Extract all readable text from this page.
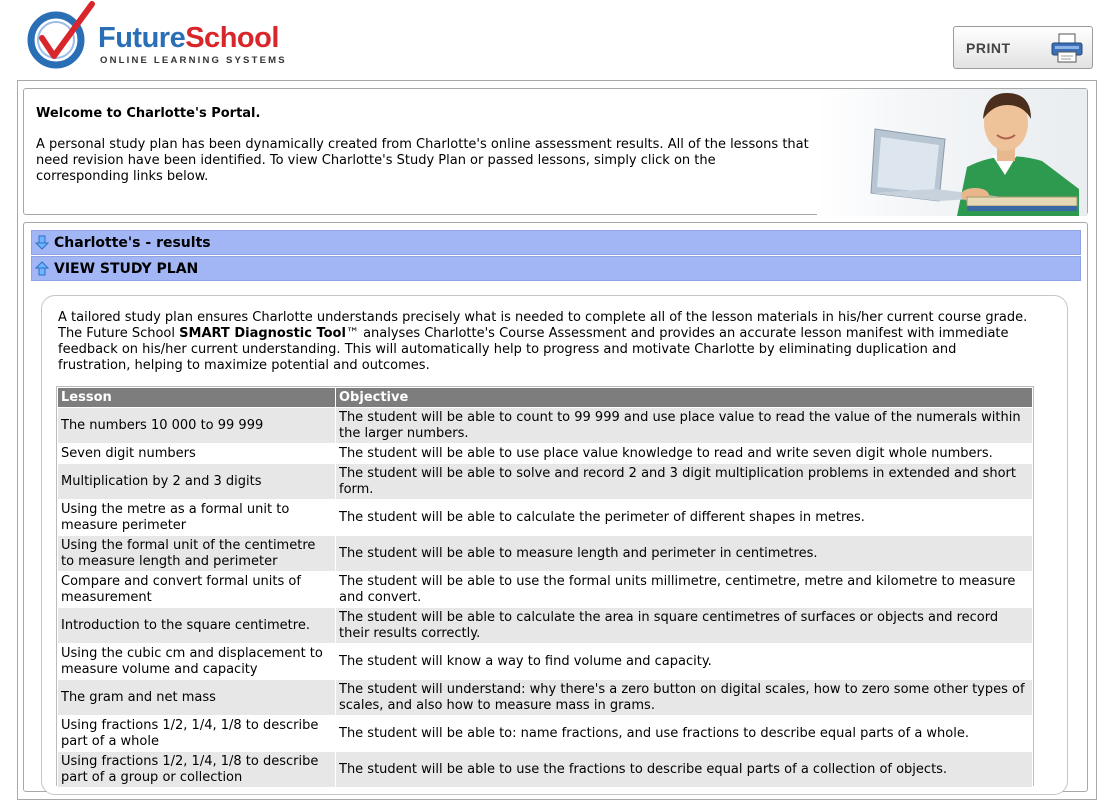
FutureSchool
ONLINE LEARNING SYSTEMS
PRINT
Welcome to Charlotte's Portal.
A personal study plan has been dynamically created from Charlotte's online assessment results. All of the lessons that need revision have been identified. To view Charlotte's Study Plan or passed lessons, simply click on the corresponding links below.
Charlotte's - results
VIEW STUDY PLAN
A tailored study plan ensures Charlotte understands precisely what is needed to complete all of the lesson materials in his/her current course grade. The Future School SMART Diagnostic Tool™ analyses Charlotte's Course Assessment and provides an accurate lesson manifest with immediate feedback on his/her current understanding. This will automatically help to progress and motivate Charlotte by eliminating duplication and frustration, helping to maximize potential and outcomes.
Lesson	Objective
The numbers 10 000 to 99 999	The student will be able to count to 99 999 and use place value to read the value of the numerals within the larger numbers.
Seven digit numbers	The student will be able to use place value knowledge to read and write seven digit whole numbers.
Multiplication by 2 and 3 digits	The student will be able to solve and record 2 and 3 digit multiplication problems in extended and short form.
Using the metre as a formal unit to measure perimeter	The student will be able to calculate the perimeter of different shapes in metres.
Using the formal unit of the centimetre to measure length and perimeter	The student will be able to measure length and perimeter in centimetres.
Compare and convert formal units of measurement	The student will be able to use the formal units millimetre, centimetre, metre and kilometre to measure and convert.
Introduction to the square centimetre.	The student will be able to calculate the area in square centimetres of surfaces or objects and record their results correctly.
Using the cubic cm and displacement to measure volume and capacity	The student will know a way to find volume and capacity.
The gram and net mass	The student will understand: why there's a zero button on digital scales, how to zero some other types of scales, and also how to measure mass in grams.
Using fractions 1/2, 1/4, 1/8 to describe part of a whole	The student will be able to: name fractions, and use fractions to describe equal parts of a whole.
Using fractions 1/2, 1/4, 1/8 to describe part of a group or collection	The student will be able to use the fractions to describe equal parts of a collection of objects.
